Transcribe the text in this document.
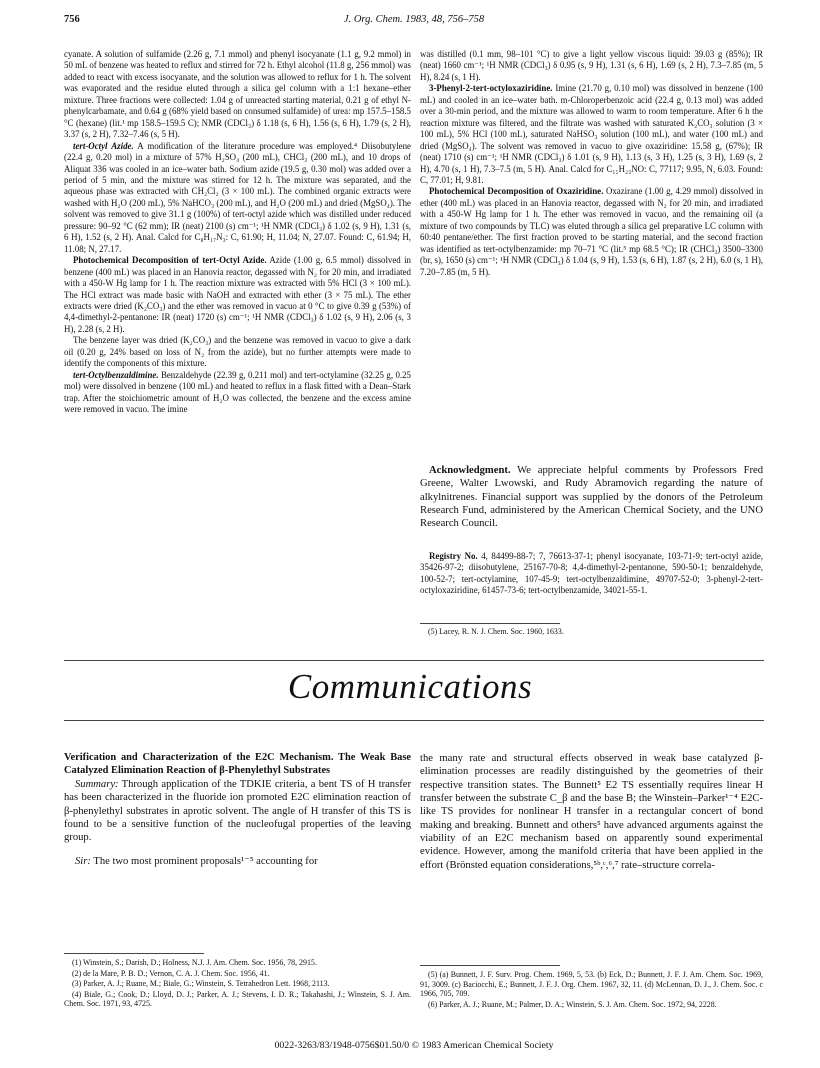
756	J. Org. Chem. 1983, 48, 756–758

cyanate. A solution of sulfamide (2.26 g, 7.1 mmol) and phenyl isocyanate (1.1 g, 9.2 mmol) in 50 mL of benzene was heated to reflux and stirred for 72 h. Ethyl alcohol (11.8 g, 256 mmol) was added to react with excess isocyanate, and the solution was allowed to reflux for 1 h. The solvent was evaporated and the residue eluted through a silica gel column with a 1:1 hexane–ether mixture. Three fractions were collected: 1.04 g of unreacted starting material, 0.21 g of ethyl N-phenylcarbamate, and 0.64 g (68% yield based on consumed sulfamide) of urea: mp 157.5–158.5 °C (hexane) (lit.¹ mp 158.5–159.5 C); NMR (CDCl₃) δ 1.18 (s, 6 H), 1.56 (s, 6 H), 1.79 (s, 2 H), 3.37 (s, 2 H), 7.32–7.46 (s, 5 H).

tert-Octyl Azide. A modification of the literature procedure was employed.⁴ Diisobutylene (22.4 g, 0.20 mol) in a mixture of 57% H₂SO₄ (200 mL), CHCl₃ (200 mL), and 10 drops of Aliquat 336 was cooled in an ice–water bath. Sodium azide (19.5 g, 0.30 mol) was added over a period of 5 min, and the mixture was stirred for 12 h. The mixture was separated, and the aqueous phase was extracted with CH₂Cl₂ (3 × 100 mL). The combined organic extracts were washed with H₂O (200 mL), 5% NaHCO₃ (200 mL), and H₂O (200 mL) and dried (MgSO₄). The solvent was removed to give 31.1 g (100%) of tert-octyl azide which was distilled under reduced pressure: 90–92 °C (62 mm); IR (neat) 2100 (s) cm⁻¹; ¹H NMR (CDCl₃) δ 1.02 (s, 9 H), 1.31 (s, 6 H), 1.52 (s, 2 H). Anal. Calcd for C₈H₁₇N₃: C, 61.90; H, 11.04; N, 27.07. Found: C, 61.94; H, 11.08; N, 27.17.

Photochemical Decomposition of tert-Octyl Azide. Azide (1.00 g, 6.5 mmol) dissolved in benzene (400 mL) was placed in an Hanovia reactor, degassed with N₂ for 20 min, and irradiated with a 450-W Hg lamp for 1 h. The reaction mixture was extracted with 5% HCl (3 × 100 mL). The HCl extract was made basic with NaOH and extracted with ether (3 × 75 mL). The ether extracts were dried (K₂CO₃) and the ether was removed in vacuo at 0 °C to give 0.39 g (53%) of 4,4-dimethyl-2-pentanone: IR (neat) 1720 (s) cm⁻¹; ¹H NMR (CDCl₃) δ 1.02 (s, 9 H), 2.06 (s, 3 H), 2.28 (s, 2 H).

The benzene layer was dried (K₂CO₃) and the benzene was removed in vacuo to give a dark oil (0.20 g, 24% based on loss of N₂ from the azide), but no further attempts were made to identify the components of this mixture.

tert-Octylbenzaldimine. Benzaldehyde (22.39 g, 0.211 mol) and tert-octylamine (32.25 g, 0.25 mol) were dissolved in benzene (100 mL) and heated to reflux in a flask fitted with a Dean–Stark trap. After the stoichiometric amount of H₂O was collected, the benzene and the excess amine were removed in vacuo. The imine

was distilled (0.1 mm, 98–101 °C) to give a light yellow viscous liquid: 39.03 g (85%); IR (neat) 1660 cm⁻¹; ¹H NMR (CDCl₃) δ 0.95 (s, 9 H), 1.31 (s, 6 H), 1.69 (s, 2 H), 7.3–7.85 (m, 5 H), 8.24 (s, 1 H).

3-Phenyl-2-tert-octyloxaziridine. Imine (21.70 g, 0.10 mol) was dissolved in benzene (100 mL) and cooled in an ice–water bath. m-Chloroperbenzoic acid (22.4 g, 0.13 mol) was added over a 30-min period, and the mixture was allowed to warm to room temperature. After 6 h the reaction mixture was filtered, and the filtrate was washed with saturated K₂CO₃ solution (3 × 100 mL), 5% HCl (100 mL), saturated NaHSO₃ solution (100 mL), and water (100 mL) and dried (MgSO₄). The solvent was removed in vacuo to give oxaziridine: 15.58 g, (67%); IR (neat) 1710 (s) cm⁻¹; ¹H NMR (CDCl₃) δ 1.01 (s, 9 H), 1.13 (s, 3 H), 1.25 (s, 3 H), 1.69 (s, 2 H), 4.70 (s, 1 H), 7.3–7.5 (m, 5 H). Anal. Calcd for C₁₅H₂₃NO: C, 77117; 9.95, N, 6.03. Found: C, 77.01; H, 9.81.

Photochemical Decomposition of Oxaziridine. Oxazirane (1.00 g, 4.29 mmol) dissolved in ether (400 mL) was placed in an Hanovia reactor, degassed with N₂ for 20 min, and irradiated with a 450-W Hg lamp for 1 h. The ether was removed in vacuo, and the remaining oil (a mixture of two compounds by TLC) was eluted through a silica gel preparative LC column with 60:40 pentane/ether. The first fraction proved to be starting material, and the second fraction was identified as tert-octylbenzamide: mp 70–71 °C (lit.⁵ mp 68.5 °C); IR (CHCl₃) 3500–3300 (br, s), 1650 (s) cm⁻¹; ¹H NMR (CDCl₃) δ 1.04 (s, 9 H), 1.53 (s, 6 H), 1.87 (s, 2 H), 6.0 (s, 1 H), 7.20–7.85 (m, 5 H).

Acknowledgment. We appreciate helpful comments by Professors Fred Greene, Walter Lwowski, and Rudy Abramovich regarding the nature of alkylnitrenes. Financial support was supplied by the donors of the Petroleum Research Fund, administered by the American Chemical Society, and the UNO Research Council.

Registry No. 4, 84499-88-7; 7, 76613-37-1; phenyl isocyanate, 103-71-9; tert-octyl azide, 35426-97-2; diisobutylene, 25167-70-8; 4,4-dimethyl-2-pentanone, 590-50-1; benzaldehyde, 100-52-7; tert-octylamine, 107-45-9; tert-octylbenzaldimine, 49707-52-0; 3-phenyl-2-tert-octyloxaziridine, 61457-73-6; tert-octylbenzamide, 34021-55-1.

(5) Lacey, R. N. J. Chem. Soc. 1960, 1633.

Communications

Verification and Characterization of the E2C Mechanism. The Weak Base Catalyzed Elimination Reaction of β-Phenylethyl Substrates

Summary: Through application of the TDKIE criteria, a bent TS of H transfer has been characterized in the fluoride ion promoted E2C elimination reaction of β-phenylethyl substrates in aprotic solvent. The angle of H transfer of this TS is found to be a sensitive function of the nucleofugal properties of the leaving group.

Sir: The two most prominent proposals¹⁻⁵ accounting for

the many rate and structural effects observed in weak base catalyzed β-elimination processes are readily distinguished by the geometries of their respective transition states. The Bunnett⁵ E2 TS essentially requires linear H transfer between the substrate C_β and the base B; the Winstein–Parker¹⁻⁴ E2C-like TS provides for nonlinear H transfer in a rectangular concert of bond making and breaking. Bunnett and others⁵ have advanced arguments against the viability of an E2C mechanism based on apparently sound experimental evidence. However, among the manifold criteria that have been applied in the effort (Brönsted equation considerations,⁵ᵇ,ᶜ,⁶,⁷ rate–structure correla-

(1) Winstein, S.; Darish, D.; Holness, N.J. J. Am. Chem. Soc. 1956, 78, 2915.

(2) de la Mare, P. B. D.; Vernon, C. A. J. Chem. Soc. 1956, 41.

(3) Parker, A. J.; Ruane, M.; Biale, G.; Winstein, S. Tetrahedron Lett. 1968, 2113.

(4) Biale, G.; Cook, D.; Lloyd, D. J.; Parker, A. J.; Stevens, I. D. R.; Takahashi, J.; Winstein, S. J. Am. Chem. Soc. 1971, 93, 4725.

(5) (a) Bunnett, J. F. Surv. Prog. Chem. 1969, 5, 53. (b) Eck, D.; Bunnett, J. F. J. Am. Chem. Soc. 1969, 91, 3009. (c) Baciocchi, E.; Bunnett, J. F. J. Org. Chem. 1967, 32, 11. (d) McLennan, D. J., J. Chem. Soc. c 1966, 705, 709.

(6) Parker, A. J.; Ruane, M.; Palmer, D. A.; Winstein, S. J. Am. Chem. Soc. 1972, 94, 2228.

0022-3263/83/1948-0756$01.50/0 © 1983 American Chemical Society
